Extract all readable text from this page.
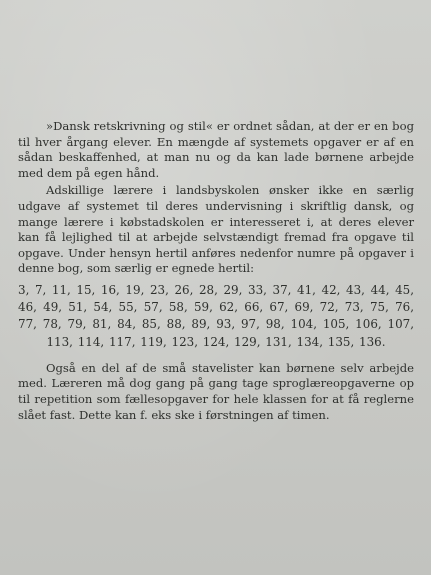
»Dansk retskrivning og stil« er ordnet sådan, at der er en bog til hver årgang elever. En mængde af systemets opgaver er af en sådan beskaffenhed, at man nu og da kan lade børnene arbejde med dem på egen hånd.

Adskillige lærere i landsbyskolen ønsker ikke en særlig udgave af systemet til deres undervisning i skriftlig dansk, og mange lærere i købstadskolen er interesseret i, at deres elever kan få lejlighed til at arbejde selvstændigt fremad fra opgave til opgave. Under hensyn hertil anføres nedenfor numre på opgaver i denne bog, som særlig er egnede hertil:

3, 7, 11, 15, 16, 19, 23, 26, 28, 29, 33, 37, 41, 42, 43, 44, 45, 46, 49, 51, 54, 55, 57, 58, 59, 62, 66, 67, 69, 72, 73, 75, 76, 77, 78, 79, 81, 84, 85, 88, 89, 93, 97, 98, 104, 105, 106, 107, 113, 114, 117, 119, 123, 124, 129, 131, 134, 135, 136.

Også en del af de små stavelister kan børnene selv arbejde med. Læreren må dog gang på gang tage sproglæreopgaverne op til repetition som fællesopgaver for hele klassen for at få reglerne slået fast. Dette kan f. eks ske i førstningen af timen.
